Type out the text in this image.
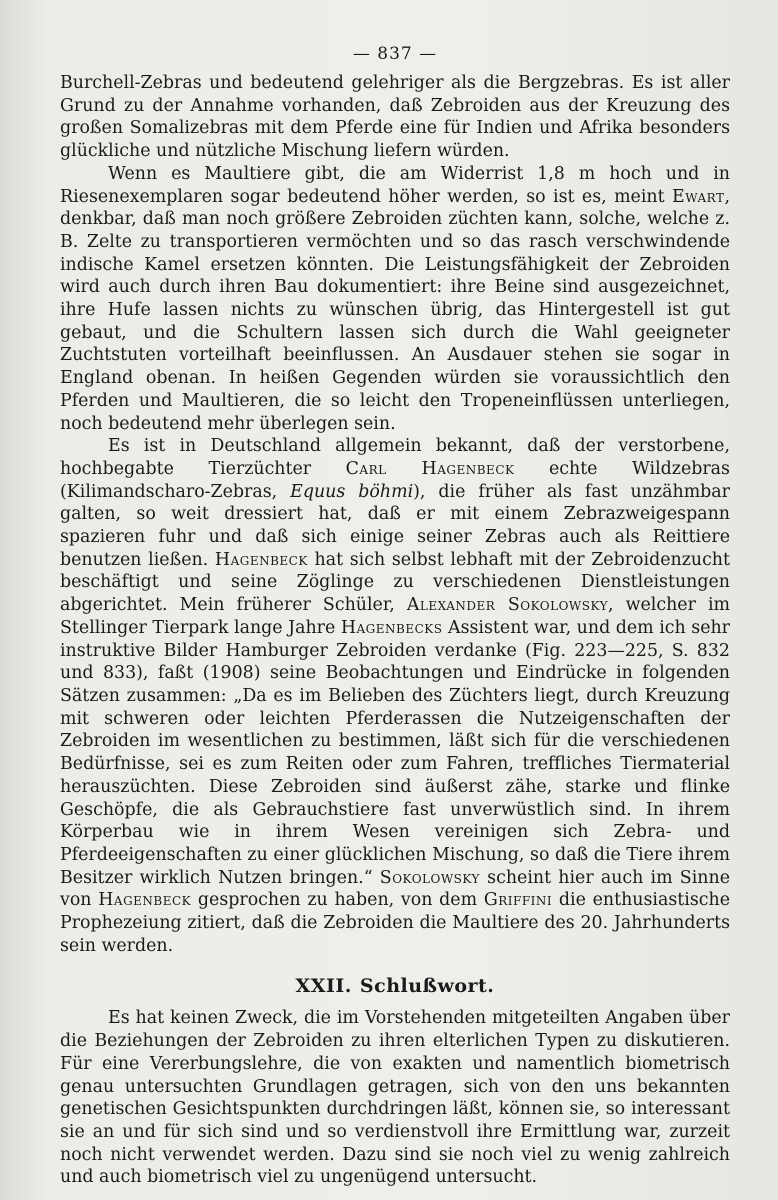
— 837 —

Burchell-Zebras und bedeutend gelehriger als die Bergzebras. Es ist aller Grund zu der Annahme vorhanden, daß Zebroiden aus der Kreuzung des großen Somalizebras mit dem Pferde eine für Indien und Afrika besonders glückliche und nützliche Mischung liefern würden.

Wenn es Maultiere gibt, die am Widerrist 1,8 m hoch und in Riesenexemplaren sogar bedeutend höher werden, so ist es, meint Ewart, denkbar, daß man noch größere Zebroiden züchten kann, solche, welche z. B. Zelte zu transportieren vermöchten und so das rasch verschwindende indische Kamel ersetzen könnten. Die Leistungsfähigkeit der Zebroiden wird auch durch ihren Bau dokumentiert: ihre Beine sind ausgezeichnet, ihre Hufe lassen nichts zu wünschen übrig, das Hintergestell ist gut gebaut, und die Schultern lassen sich durch die Wahl geeigneter Zuchtstuten vorteilhaft beeinflussen. An Ausdauer stehen sie sogar in England obenan. In heißen Gegenden würden sie voraussichtlich den Pferden und Maultieren, die so leicht den Tropeneinflüssen unterliegen, noch bedeutend mehr überlegen sein.

Es ist in Deutschland allgemein bekannt, daß der verstorbene, hochbegabte Tierzüchter Carl Hagenbeck echte Wildzebras (Kilimandscharo-Zebras, Equus böhmi), die früher als fast unzähmbar galten, so weit dressiert hat, daß er mit einem Zebrazweigespann spazieren fuhr und daß sich einige seiner Zebras auch als Reittiere benutzen ließen. Hagenbeck hat sich selbst lebhaft mit der Zebroidenzucht beschäftigt und seine Zöglinge zu verschiedenen Dienstleistungen abgerichtet. Mein früherer Schüler, Alexander Sokolowsky, welcher im Stellinger Tierpark lange Jahre Hagenbecks Assistent war, und dem ich sehr instruktive Bilder Hamburger Zebroiden verdanke (Fig. 223—225, S. 832 und 833), faßt (1908) seine Beobachtungen und Eindrücke in folgenden Sätzen zusammen: „Da es im Belieben des Züchters liegt, durch Kreuzung mit schweren oder leichten Pferderassen die Nutzeigenschaften der Zebroiden im wesentlichen zu bestimmen, läßt sich für die verschiedenen Bedürfnisse, sei es zum Reiten oder zum Fahren, treffliches Tiermaterial herauszüchten. Diese Zebroiden sind äußerst zähe, starke und flinke Geschöpfe, die als Gebrauchstiere fast unverwüstlich sind. In ihrem Körperbau wie in ihrem Wesen vereinigen sich Zebra- und Pferdeeigenschaften zu einer glücklichen Mischung, so daß die Tiere ihrem Besitzer wirklich Nutzen bringen.“ Sokolowsky scheint hier auch im Sinne von Hagenbeck gesprochen zu haben, von dem Griffini die enthusiastische Prophezeiung zitiert, daß die Zebroiden die Maultiere des 20. Jahrhunderts sein werden.

XXII. Schlußwort.

Es hat keinen Zweck, die im Vorstehenden mitgeteilten Angaben über die Beziehungen der Zebroiden zu ihren elterlichen Typen zu diskutieren. Für eine Vererbungslehre, die von exakten und namentlich biometrisch genau untersuchten Grundlagen getragen, sich von den uns bekannten genetischen Gesichtspunkten durchdringen läßt, können sie, so interessant sie an und für sich sind und so verdienstvoll ihre Ermittlung war, zurzeit noch nicht verwendet werden. Dazu sind sie noch viel zu wenig zahlreich und auch biometrisch viel zu ungenügend untersucht.
